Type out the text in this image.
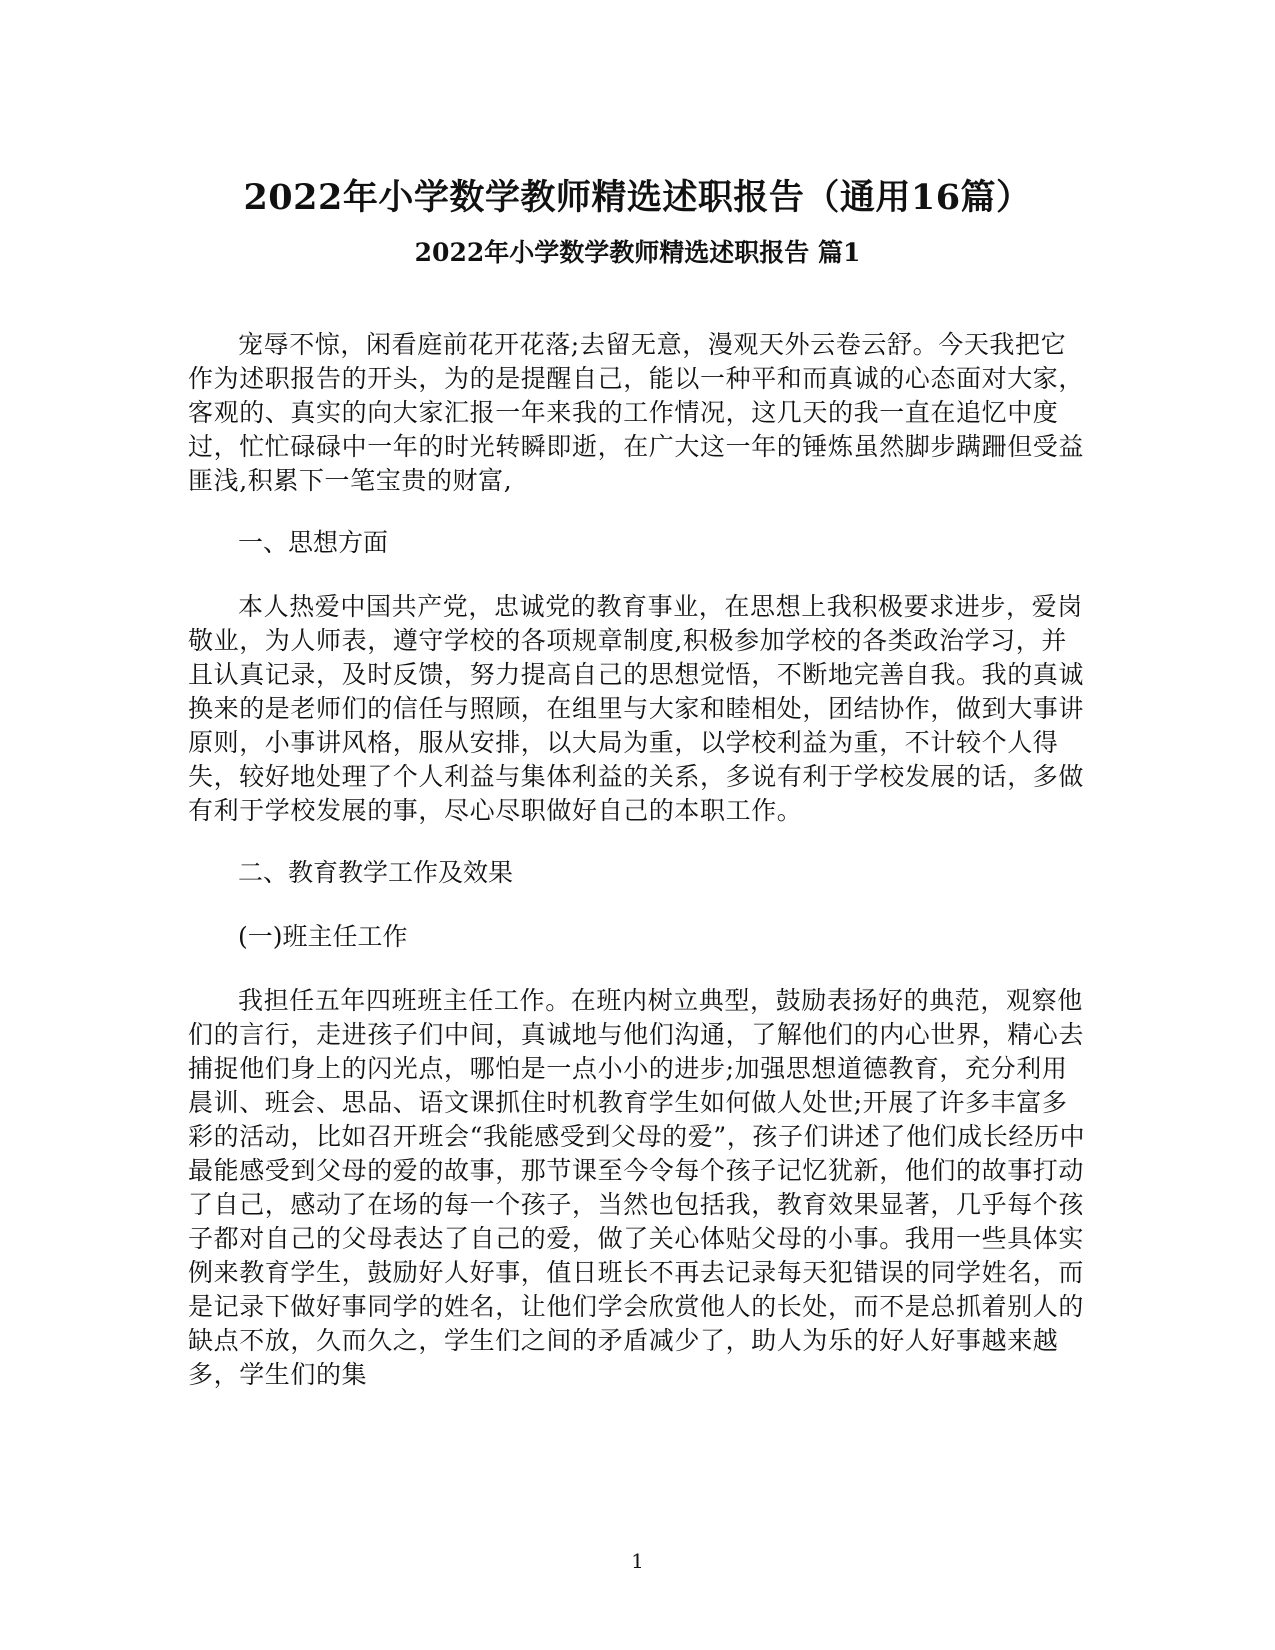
2022年小学数学教师精选述职报告（通用16篇）
2022年小学数学教师精选述职报告 篇1

宠辱不惊，闲看庭前花开花落;去留无意，漫观天外云卷云舒。今天我把它作为述职报告的开头，为的是提醒自己，能以一种平和而真诚的心态面对大家，客观的、真实的向大家汇报一年来我的工作情况，这几天的我一直在追忆中度过，忙忙碌碌中一年的时光转瞬即逝，在广大这一年的锤炼虽然脚步蹒跚但受益匪浅,积累下一笔宝贵的财富,

一、思想方面

本人热爱中国共产党，忠诚党的教育事业，在思想上我积极要求进步，爱岗敬业，为人师表，遵守学校的各项规章制度,积极参加学校的各类政治学习，并且认真记录，及时反馈，努力提高自己的思想觉悟，不断地完善自我。我的真诚换来的是老师们的信任与照顾，在组里与大家和睦相处，团结协作，做到大事讲原则，小事讲风格，服从安排，以大局为重，以学校利益为重，不计较个人得失，较好地处理了个人利益与集体利益的关系，多说有利于学校发展的话，多做有利于学校发展的事，尽心尽职做好自己的本职工作。

二、教育教学工作及效果

(一)班主任工作

我担任五年四班班主任工作。在班内树立典型，鼓励表扬好的典范，观察他们的言行，走进孩子们中间，真诚地与他们沟通，了解他们的内心世界，精心去捕捉他们身上的闪光点，哪怕是一点小小的进步;加强思想道德教育，充分利用晨训、班会、思品、语文课抓住时机教育学生如何做人处世;开展了许多丰富多彩的活动，比如召开班会“我能感受到父母的爱”，孩子们讲述了他们成长经历中最能感受到父母的爱的故事，那节课至今令每个孩子记忆犹新，他们的故事打动了自己，感动了在场的每一个孩子，当然也包括我，教育效果显著，几乎每个孩子都对自己的父母表达了自己的爱，做了关心体贴父母的小事。我用一些具体实例来教育学生，鼓励好人好事，值日班长不再去记录每天犯错误的同学姓名，而是记录下做好事同学的姓名，让他们学会欣赏他人的长处，而不是总抓着别人的缺点不放，久而久之，学生们之间的矛盾减少了，助人为乐的好人好事越来越多，学生们的集

1
